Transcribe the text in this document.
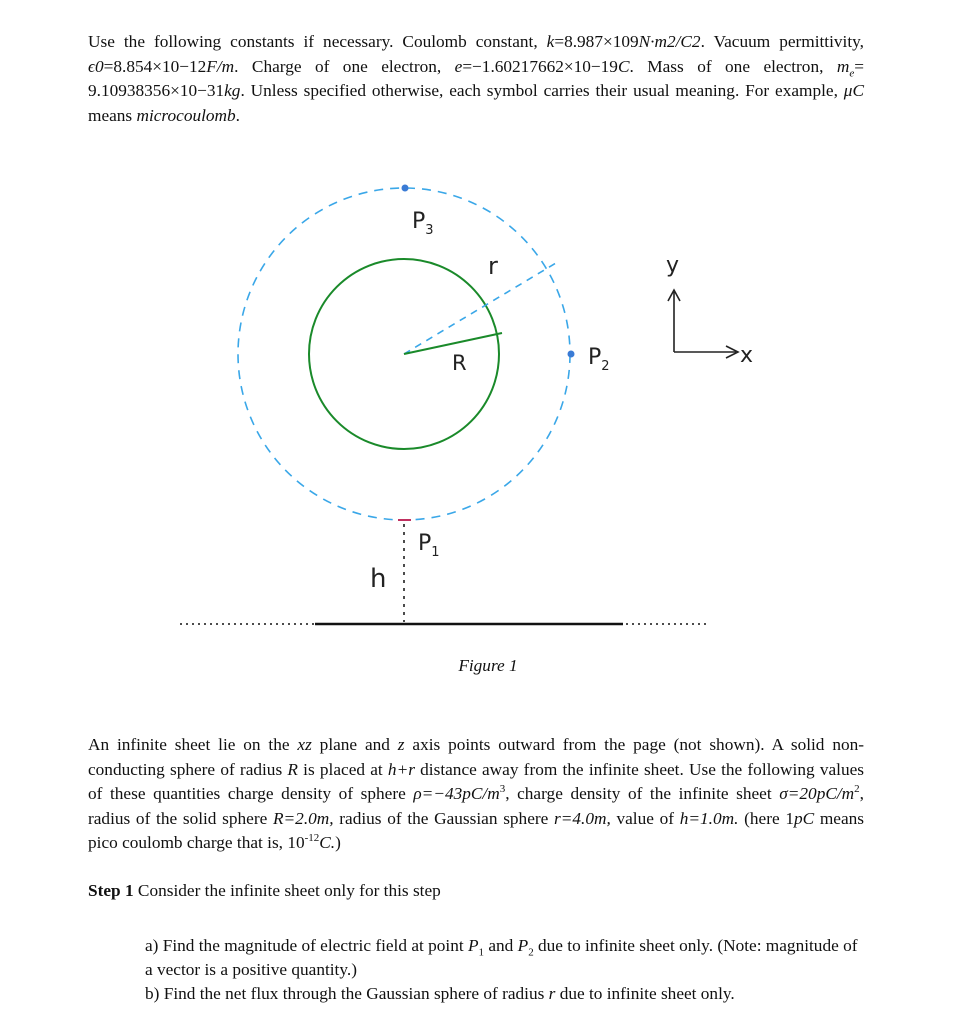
Use the following constants if necessary. Coulomb constant, k=8.987×109N·m2/C2. Vacuum permittivity, ϵ0=8.854×10−12F/m. Charge of one electron, e=−1.60217662×10−19C. Mass of one electron, $m_e= 9.10938356\times 10-31kg$. Unless specified otherwise, each symbol carries their usual meaning. For example, μC means microcoulomb.
$P_3$
r
R	$P_2$
$P_1$
h
y
x
Figure 1
An infinite sheet lie on the xz plane and z axis points outward from the page (not shown). A solid non-conducting sphere of radius R is placed at h+r distance away from the infinite sheet. Use the following values of these quantities charge density of sphere $\rho=-43pC/m^3$, charge density of the infinite sheet $\sigma=20pC/m^2$, radius of the solid sphere R=2.0m, radius of the Gaussian sphere r=4.0m, value of h=1.0m. (here 1pC means pico coulomb charge that is, $10^{-12}C$.)
Step 1 Consider the infinite sheet only for this step
a) Find the magnitude of electric field at point $P_1$ and $P_2$ due to infinite sheet only. (Note: magnitude of a vector is a positive quantity.)
b) Find the net flux through the Gaussian sphere of radius r due to infinite sheet only.
